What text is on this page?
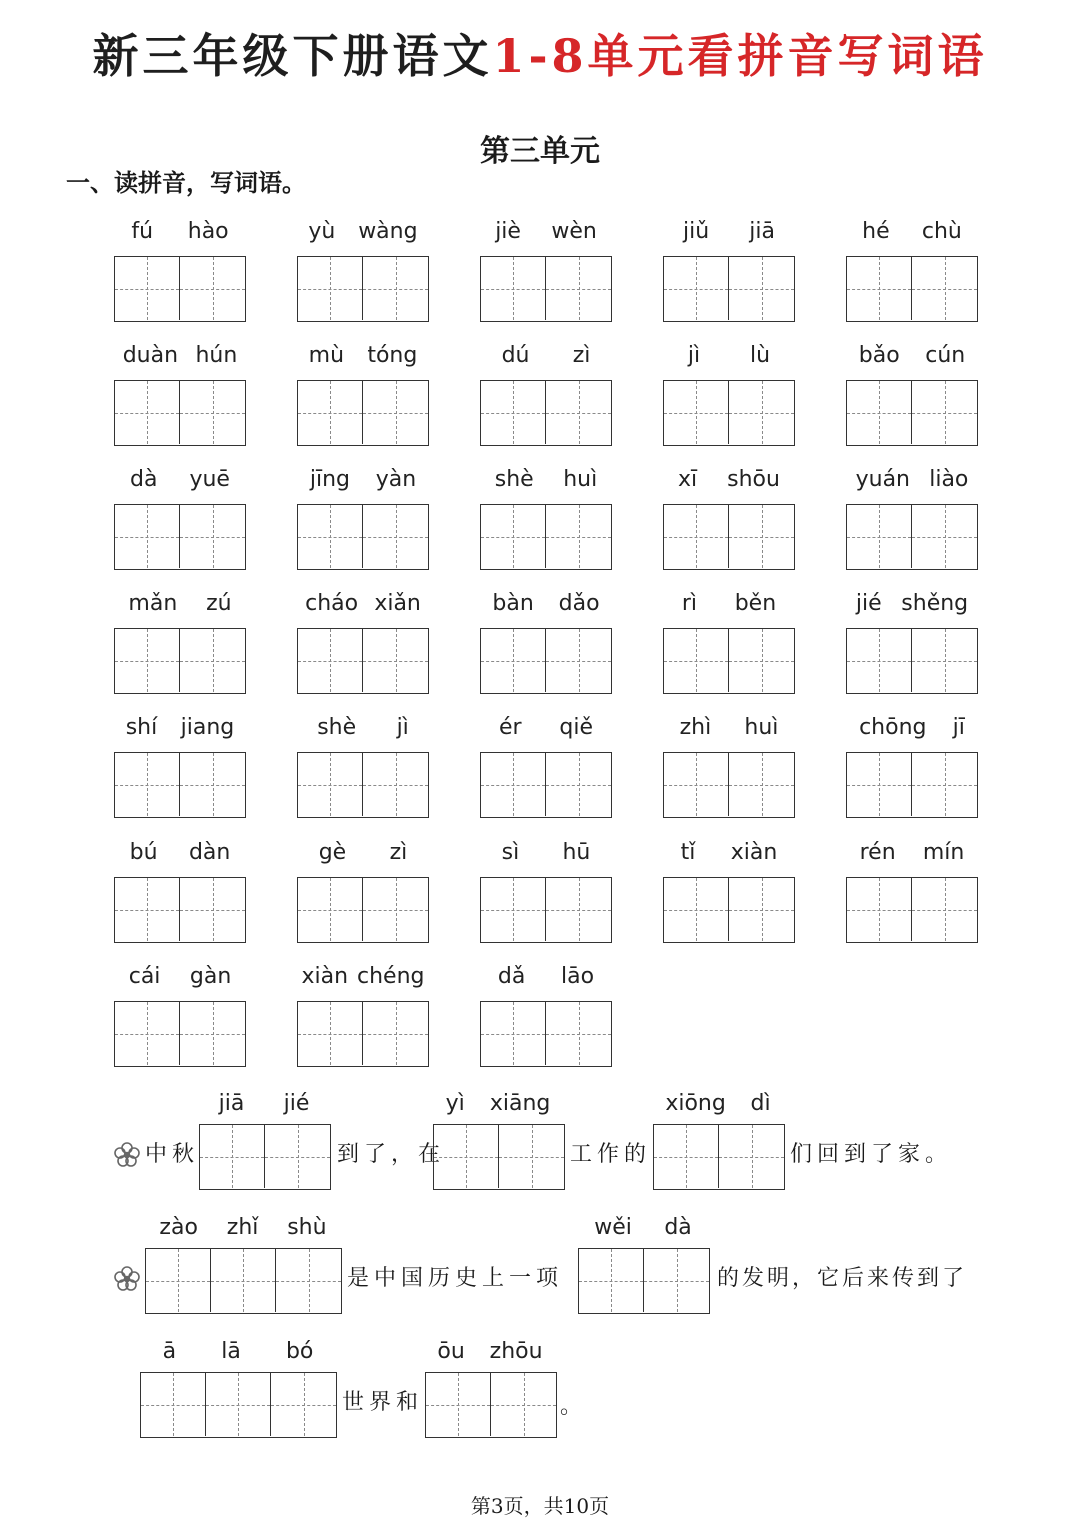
新三年级下册语文1-8单元看拼音写词语
第三单元
一、读拼音，写词语。
fú hào	yù wàng	jiè wèn	jiǔ jiā	hé chù
duàn hún	mù tóng	dú zì	jì lù	bǎo cún
dà yuē	jīng yàn	shè huì	xī shōu	yuán liào
mǎn zú	cháo xiǎn	bàn dǎo	rì běn	jié shěng
shí jiang	shè jì	ér qiě	zhì huì	chōng jī
bú dàn	gè zì	sì hū	tǐ xiàn	rén mín
cái gàn	xiàn chéng	dǎ lāo
中秋
jiā jié
到了，在
yì xiāng
工作的
xiōng dì
们回到了家。
zào zhǐ shù
是中国历史上一项
wěi dà
的发明，它后来传到了
ā lā bó
世界和
ōu zhōu
。
第3页，共10页
